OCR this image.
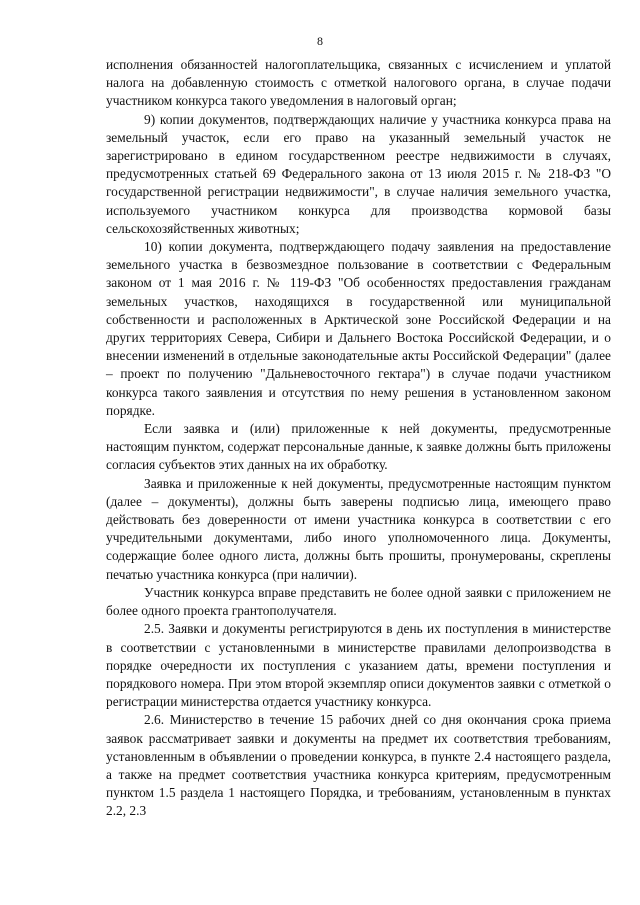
8

исполнения обязанностей налогоплательщика, связанных с исчислением и уплатой налога на добавленную стоимость с отметкой налогового органа, в случае подачи участником конкурса такого уведомления в налоговый орган;

9) копии документов, подтверждающих наличие у участника конкурса права на земельный участок, если его право на указанный земельный участок не зарегистрировано в едином государственном реестре недвижимости в случаях, предусмотренных статьей 69 Федерального закона от 13 июля 2015 г. № 218-ФЗ "О государственной регистрации недвижимости", в случае наличия земельного участка, используемого участником конкурса для производства кормовой базы сельскохозяйственных животных;

10) копии документа, подтверждающего подачу заявления на предоставление земельного участка в безвозмездное пользование в соответствии с Федеральным законом от 1 мая 2016 г. № 119-ФЗ "Об особенностях предоставления гражданам земельных участков, находящихся в государственной или муниципальной собственности и расположенных в Арктической зоне Российской Федерации и на других территориях Севера, Сибири и Дальнего Востока Российской Федерации, и о внесении изменений в отдельные законодательные акты Российской Федерации" (далее – проект по получению "Дальневосточного гектара") в случае подачи участником конкурса такого заявления и отсутствия по нему решения в установленном законом порядке.

Если заявка и (или) приложенные к ней документы, предусмотренные настоящим пунктом, содержат персональные данные, к заявке должны быть приложены согласия субъектов этих данных на их обработку.

Заявка и приложенные к ней документы, предусмотренные настоящим пунктом (далее – документы), должны быть заверены подписью лица, имеющего право действовать без доверенности от имени участника конкурса в соответствии с его учредительными документами, либо иного уполномоченного лица. Документы, содержащие более одного листа, должны быть прошиты, пронумерованы, скреплены печатью участника конкурса (при наличии).

Участник конкурса вправе представить не более одной заявки с приложением не более одного проекта грантополучателя.

2.5. Заявки и документы регистрируются в день их поступления в министерстве в соответствии с установленными в министерстве правилами делопроизводства в порядке очередности их поступления с указанием даты, времени поступления и порядкового номера. При этом второй экземпляр описи документов заявки с отметкой о регистрации министерства отдается участнику конкурса.

2.6. Министерство в течение 15 рабочих дней со дня окончания срока приема заявок рассматривает заявки и документы на предмет их соответствия требованиям, установленным в объявлении о проведении конкурса, в пункте 2.4 настоящего раздела, а также на предмет соответствия участника конкурса критериям, предусмотренным пунктом 1.5 раздела 1 настоящего Порядка, и требованиям, установленным в пунктах 2.2, 2.3
